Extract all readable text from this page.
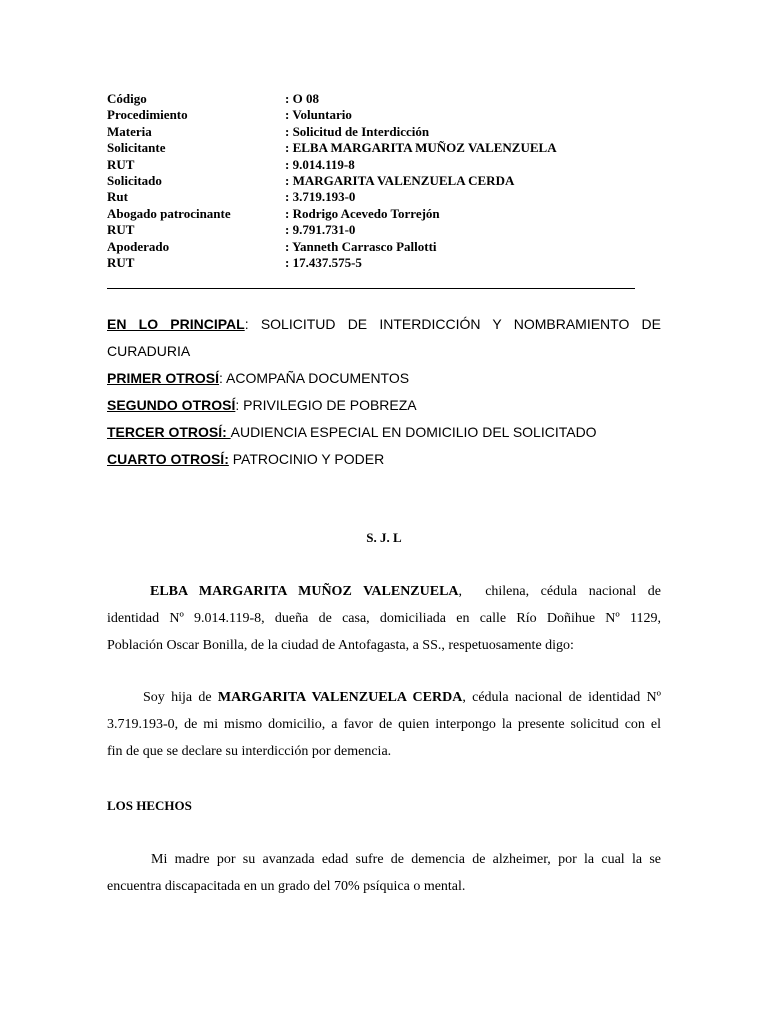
Código	: O 08
Procedimiento	: Voluntario
Materia	: Solicitud de Interdicción
Solicitante	: ELBA MARGARITA MUÑOZ VALENZUELA
RUT	: 9.014.119-8
Solicitado	: MARGARITA VALENZUELA CERDA
Rut	: 3.719.193-0
Abogado patrocinante	: Rodrigo Acevedo Torrejón
RUT	: 9.791.731-0
Apoderado	: Yanneth Carrasco Pallotti
RUT	: 17.437.575-5
EN LO PRINCIPAL: SOLICITUD DE INTERDICCIÓN Y NOMBRAMIENTO DE
CURADURIA
PRIMER OTROSÍ: ACOMPAÑA DOCUMENTOS
SEGUNDO OTROSÍ: PRIVILEGIO DE POBREZA
TERCER OTROSÍ: AUDIENCIA ESPECIAL EN DOMICILIO DEL SOLICITADO
CUARTO OTROSÍ: PATROCINIO Y PODER
S. J. L
ELBA MARGARITA MUÑOZ VALENZUELA,  chilena, cédula nacional de
identidad Nº 9.014.119-8, dueña de casa, domiciliada en calle Río Doñihue Nº 1129,
Población Oscar Bonilla, de la ciudad de Antofagasta, a SS., respetuosamente digo:
Soy hija de MARGARITA VALENZUELA CERDA, cédula nacional de identidad Nº
3.719.193-0, de mi mismo domicilio, a favor de quien interpongo la presente solicitud con el
fin de que se declare su interdicción por demencia.
LOS HECHOS
Mi madre por su avanzada edad sufre de demencia de alzheimer, por la cual la se
encuentra discapacitada en un grado del 70% psíquica o mental.
